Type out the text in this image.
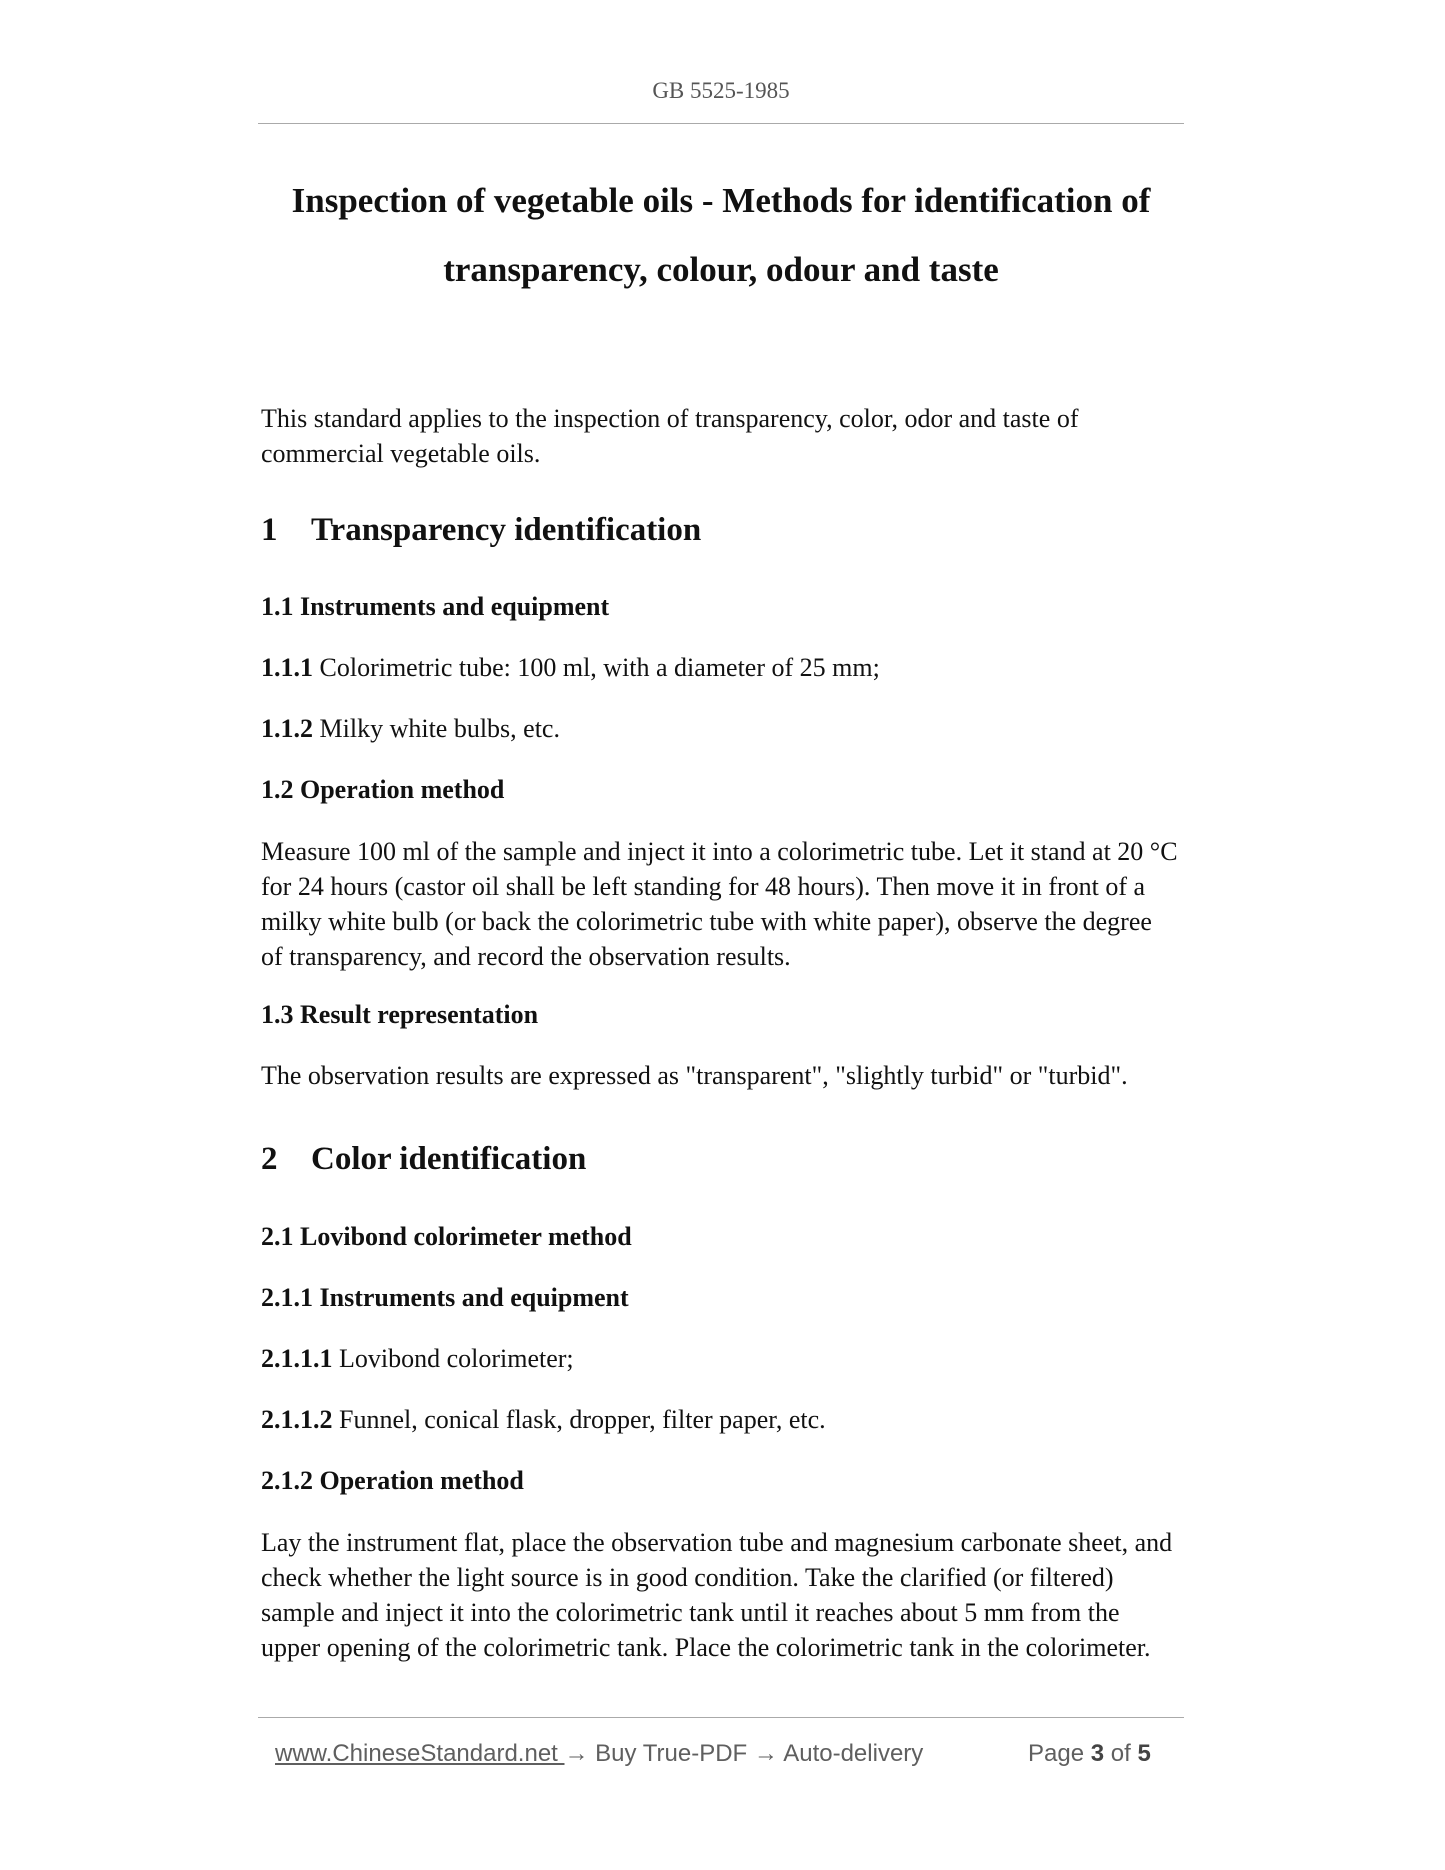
GB 5525-1985
Inspection of vegetable oils - Methods for identification of
transparency, colour, odour and taste
This standard applies to the inspection of transparency, color, odor and taste of
commercial vegetable oils.
1 Transparency identification
1.1 Instruments and equipment
1.1.1 Colorimetric tube: 100 ml, with a diameter of 25 mm;
1.1.2 Milky white bulbs, etc.
1.2 Operation method
Measure 100 ml of the sample and inject it into a colorimetric tube. Let it stand at 20 °C
for 24 hours (castor oil shall be left standing for 48 hours). Then move it in front of a
milky white bulb (or back the colorimetric tube with white paper), observe the degree
of transparency, and record the observation results.
1.3 Result representation
The observation results are expressed as "transparent", "slightly turbid" or "turbid".
2 Color identification
2.1 Lovibond colorimeter method
2.1.1 Instruments and equipment
2.1.1.1 Lovibond colorimeter;
2.1.1.2 Funnel, conical flask, dropper, filter paper, etc.
2.1.2 Operation method
Lay the instrument flat, place the observation tube and magnesium carbonate sheet, and
check whether the light source is in good condition. Take the clarified (or filtered)
sample and inject it into the colorimetric tank until it reaches about 5 mm from the
upper opening of the colorimetric tank. Place the colorimetric tank in the colorimeter.
www.ChineseStandard.net → Buy True-PDF → Auto-delivery	Page 3 of 5
